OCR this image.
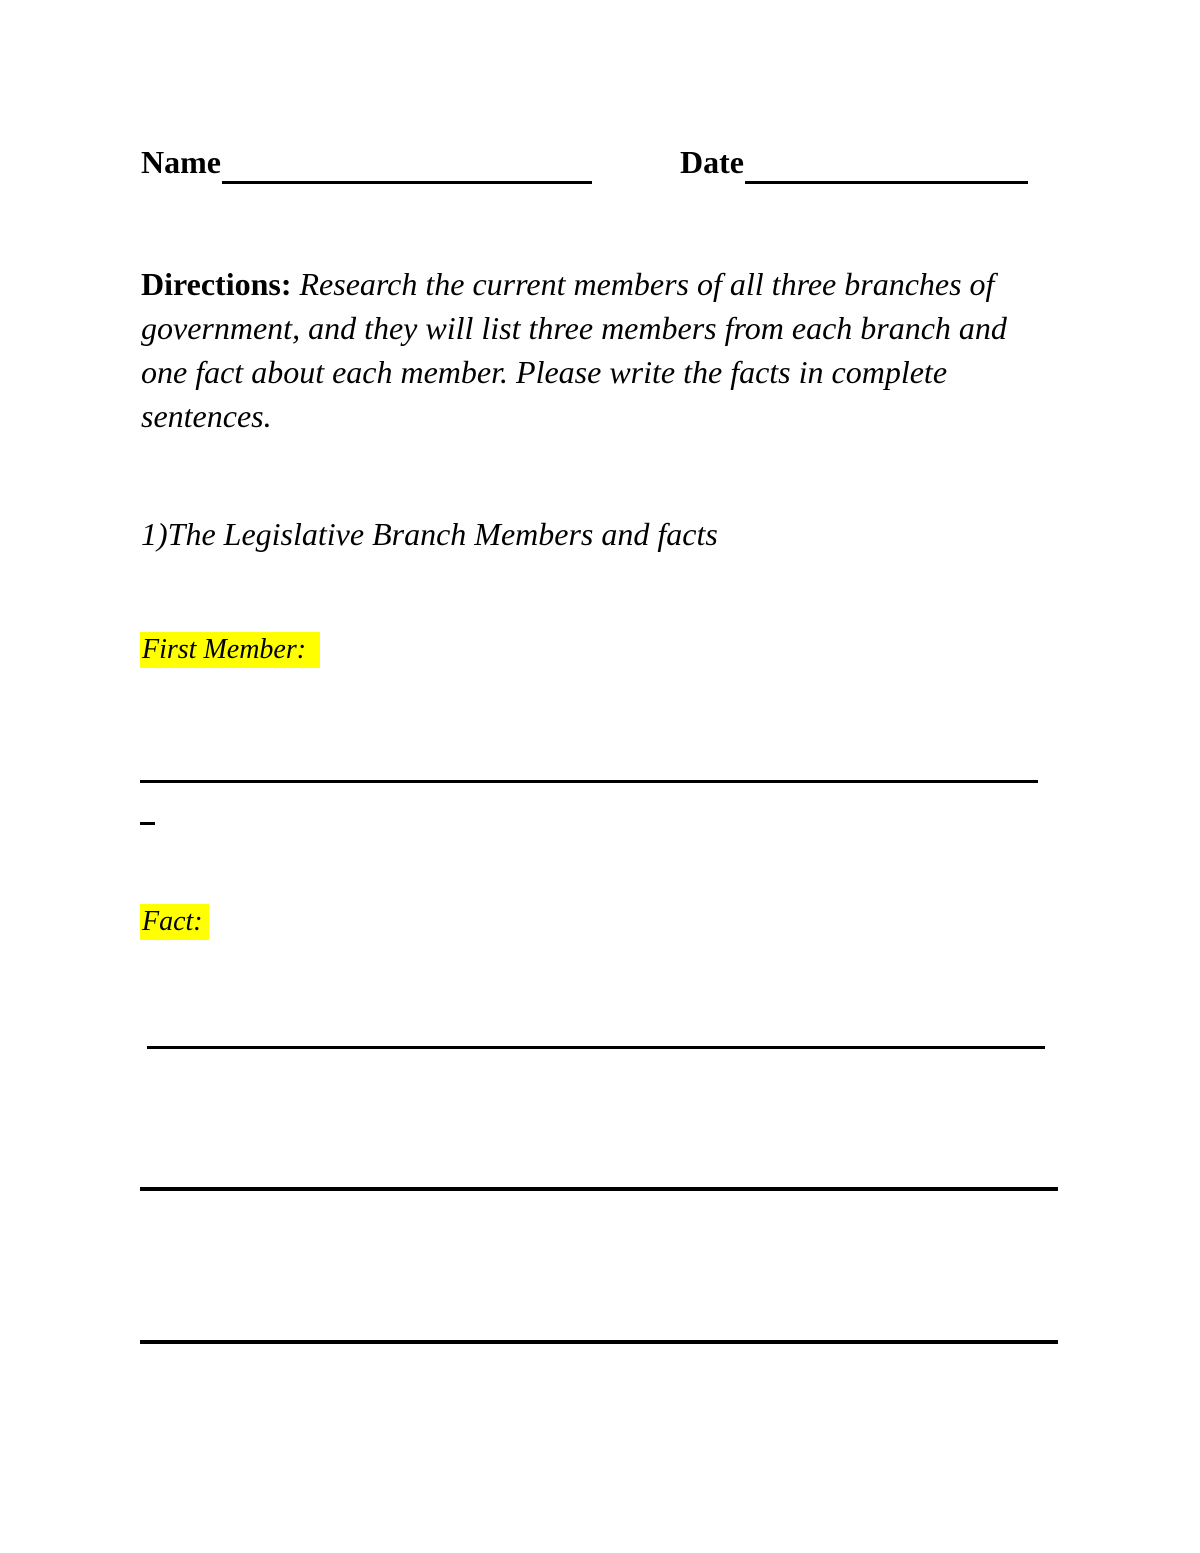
Name	Date
Directions: Research the current members of all three branches of government, and they will list three members from each branch and one fact about each member. Please write the facts in complete sentences.
1)The Legislative Branch Members and facts
First Member:
Fact:
